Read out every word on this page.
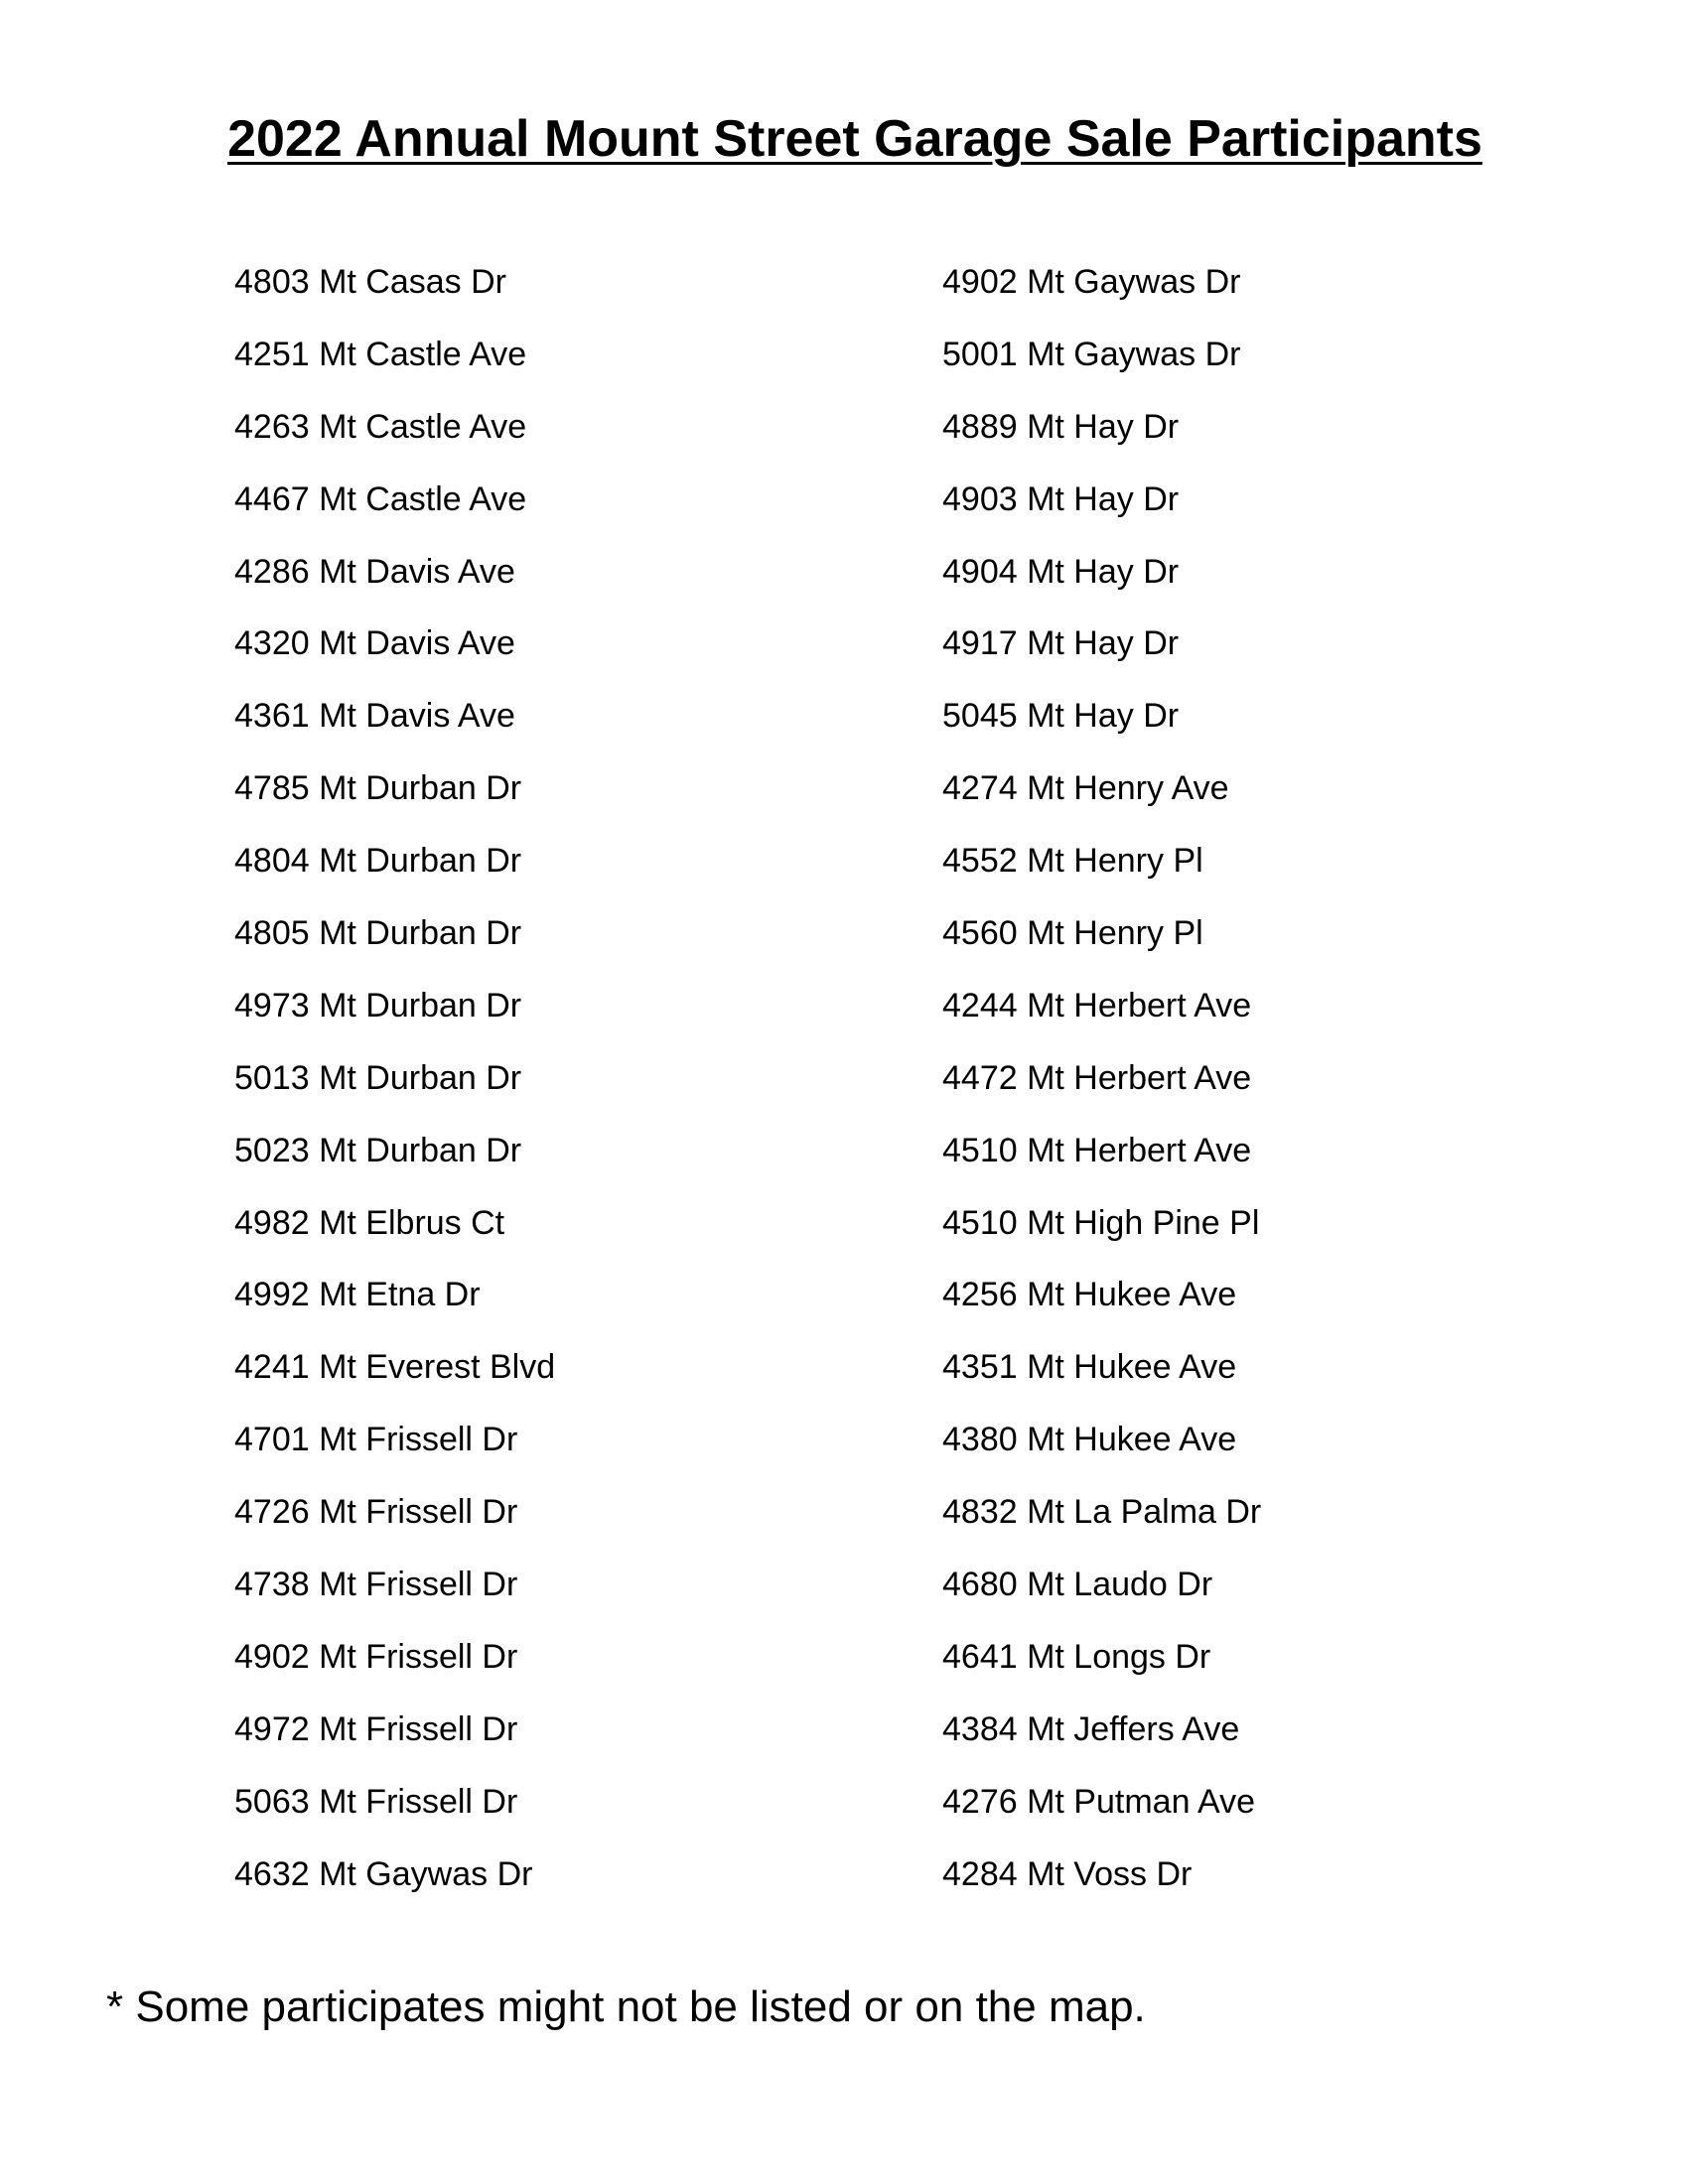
2022 Annual Mount Street Garage Sale Participants
4803 Mt Casas Dr
4251 Mt Castle Ave
4263 Mt Castle Ave
4467 Mt Castle Ave
4286 Mt Davis Ave
4320 Mt Davis Ave
4361 Mt Davis Ave
4785 Mt Durban Dr
4804 Mt Durban Dr
4805 Mt Durban Dr
4973 Mt Durban Dr
5013 Mt Durban Dr
5023 Mt Durban Dr
4982 Mt Elbrus Ct
4992 Mt Etna Dr
4241 Mt Everest Blvd
4701 Mt Frissell Dr
4726 Mt Frissell Dr
4738 Mt Frissell Dr
4902 Mt Frissell Dr
4972 Mt Frissell Dr
5063 Mt Frissell Dr
4632 Mt Gaywas Dr
4902 Mt Gaywas Dr
5001 Mt Gaywas Dr
4889 Mt Hay Dr
4903 Mt Hay Dr
4904 Mt Hay Dr
4917 Mt Hay Dr
5045 Mt Hay Dr
4274 Mt Henry Ave
4552 Mt Henry Pl
4560 Mt Henry Pl
4244 Mt Herbert Ave
4472 Mt Herbert Ave
4510 Mt Herbert Ave
4510 Mt High Pine Pl
4256 Mt Hukee Ave
4351 Mt Hukee Ave
4380 Mt Hukee Ave
4832 Mt La Palma Dr
4680 Mt Laudo Dr
4641 Mt Longs Dr
4384 Mt Jeffers Ave
4276 Mt Putman Ave
4284 Mt Voss Dr

* Some participates might not be listed or on the map.
